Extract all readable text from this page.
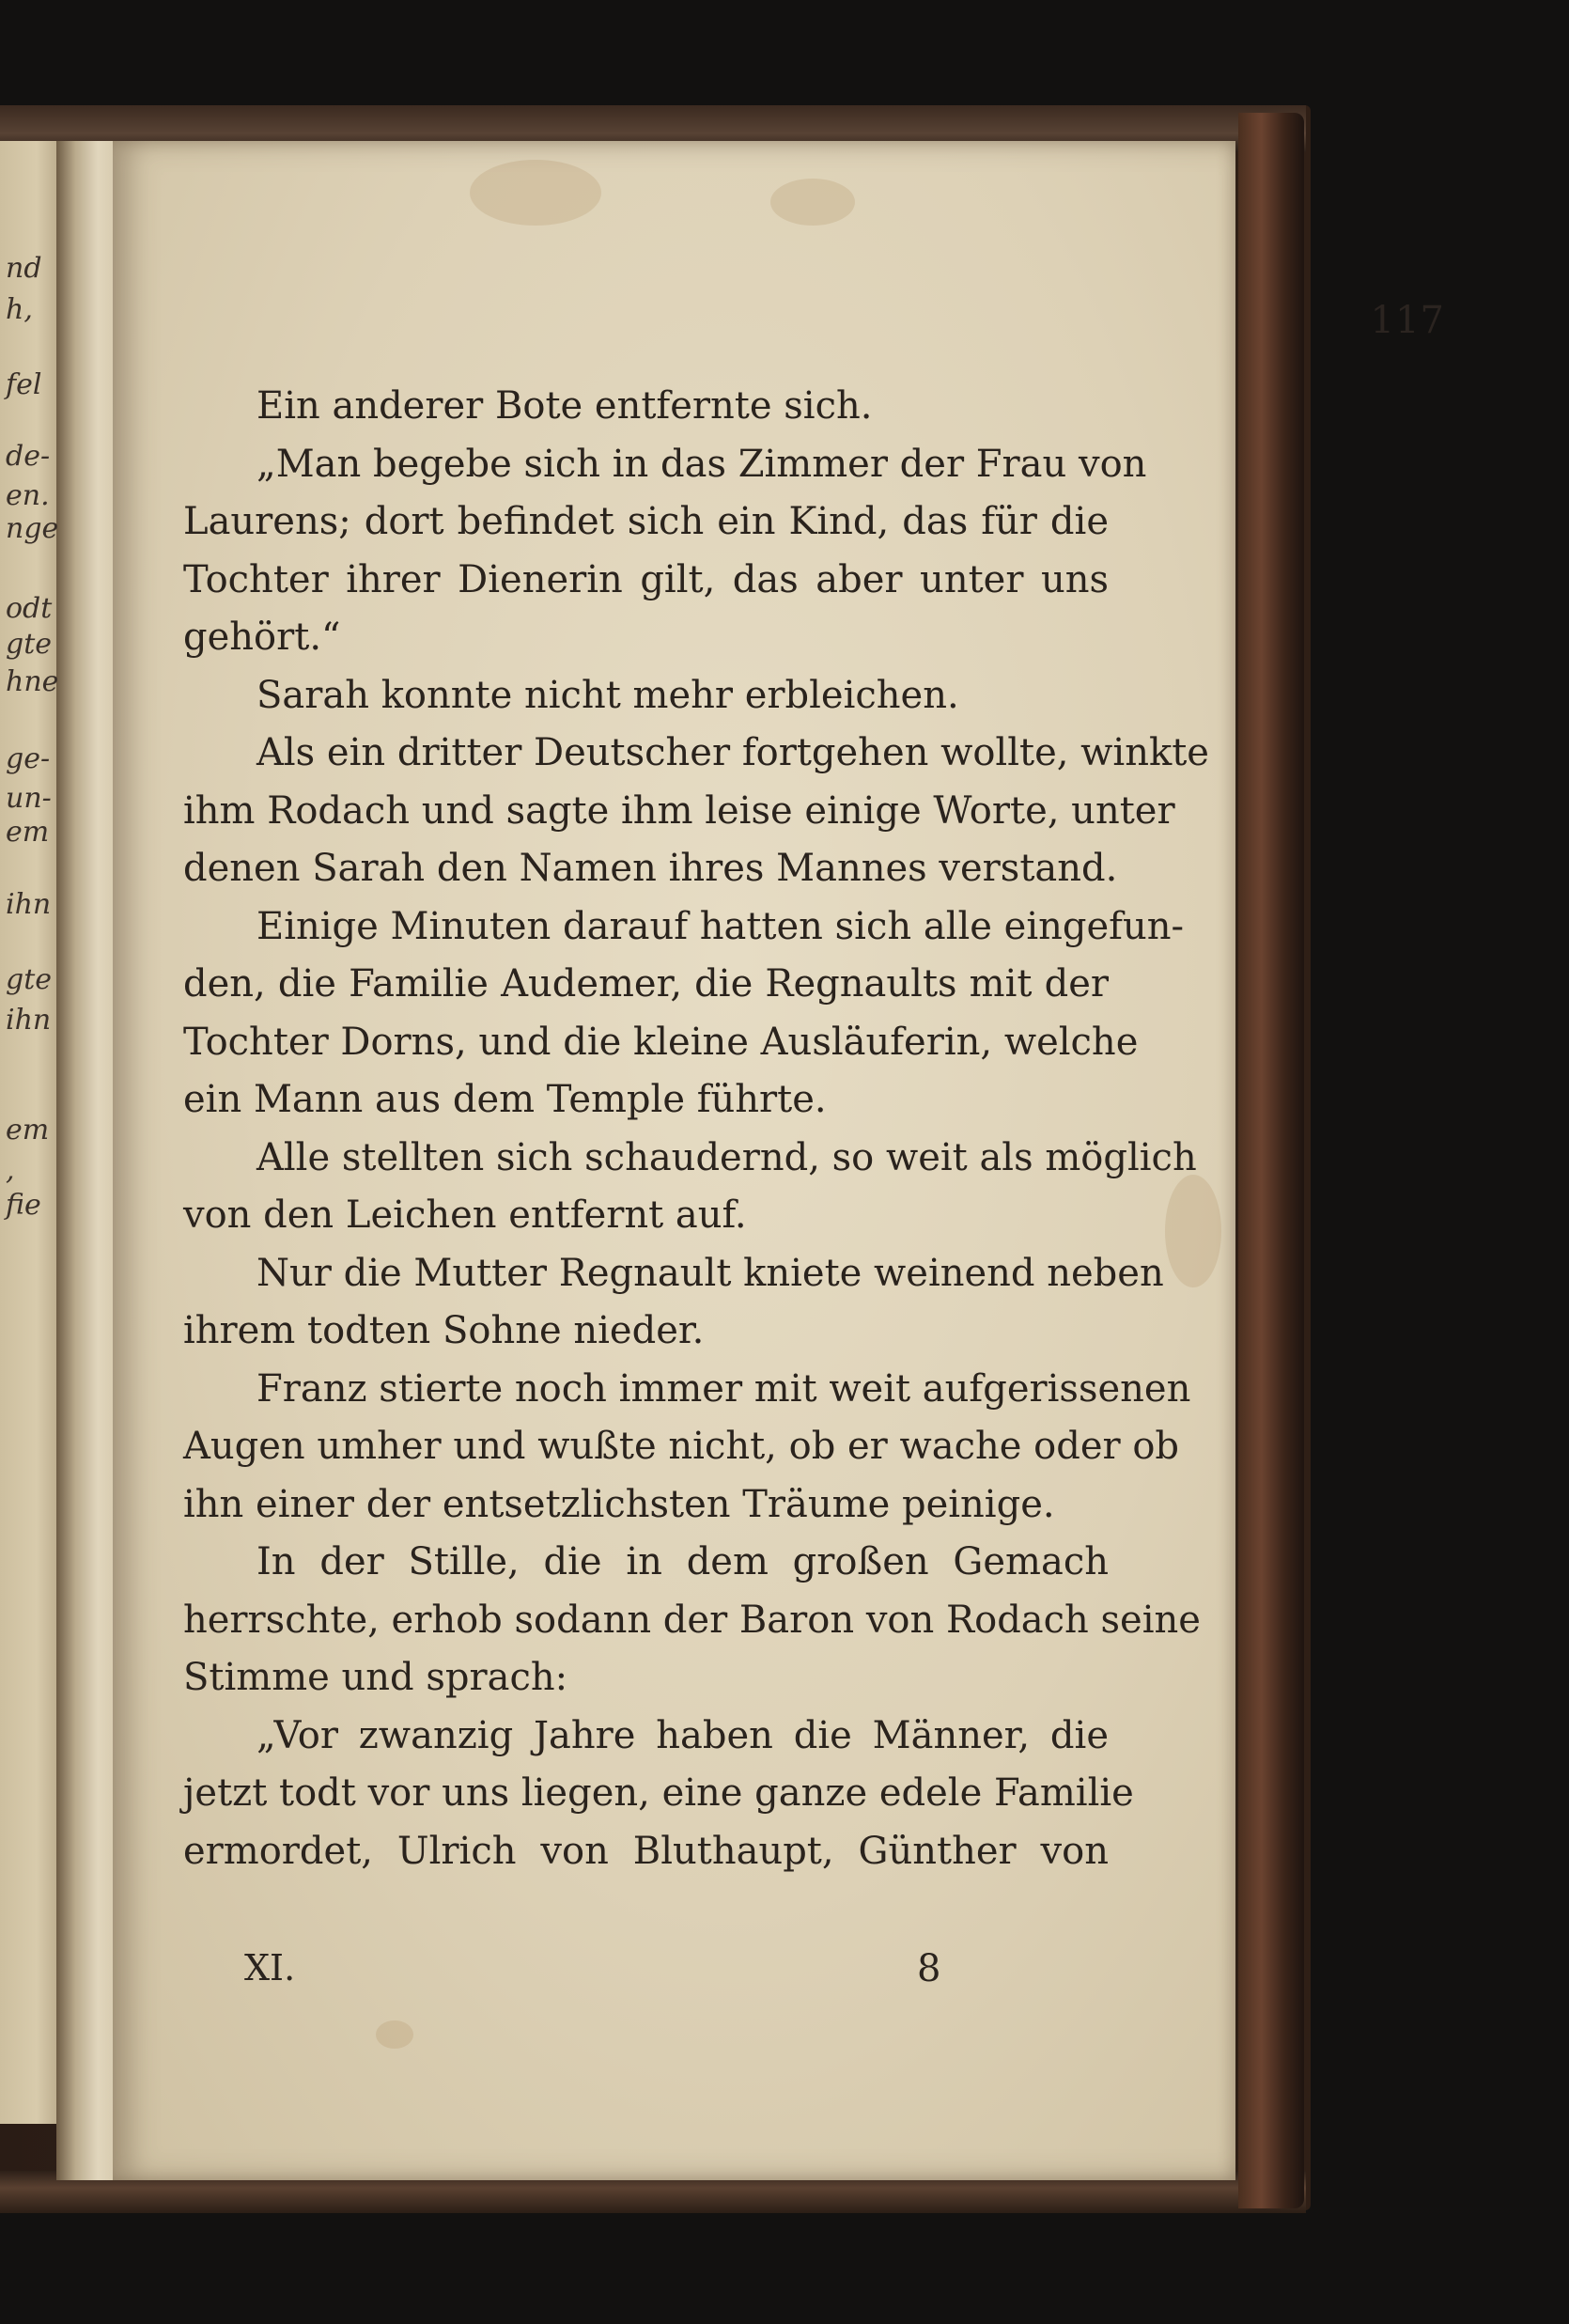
117
Ein anderer Bote entfernte sich.
„Man begebe sich in das Zimmer der Frau von
Laurens; dort befindet sich ein Kind, das für die
Tochter ihrer Dienerin gilt, das aber unter uns
gehört.“
Sarah konnte nicht mehr erbleichen.
Als ein dritter Deutscher fortgehen wollte, winkte
ihm Rodach und sagte ihm leise einige Worte, unter
denen Sarah den Namen ihres Mannes verstand.
Einige Minuten darauf hatten sich alle eingefun-
den, die Familie Audemer, die Regnaults mit der
Tochter Dorns, und die kleine Ausläuferin, welche
ein Mann aus dem Temple führte.
Alle stellten sich schaudernd, so weit als möglich
von den Leichen entfernt auf.
Nur die Mutter Regnault kniete weinend neben
ihrem todten Sohne nieder.
Franz stierte noch immer mit weit aufgerissenen
Augen umher und wußte nicht, ob er wache oder ob
ihn einer der entsetzlichsten Träume peinige.
In der Stille, die in dem großen Gemach
herrschte, erhob sodann der Baron von Rodach seine
Stimme und sprach:
„Vor zwanzig Jahre haben die Männer, die
jetzt todt vor uns liegen, eine ganze edele Familie
ermordet, Ulrich von Bluthaupt, Günther von
XI.	8
nd
h,
fel
de-
en.
nge
odt
gte
hne
ge-
un-
em
ihn
gte
ihn
em
,
fie
